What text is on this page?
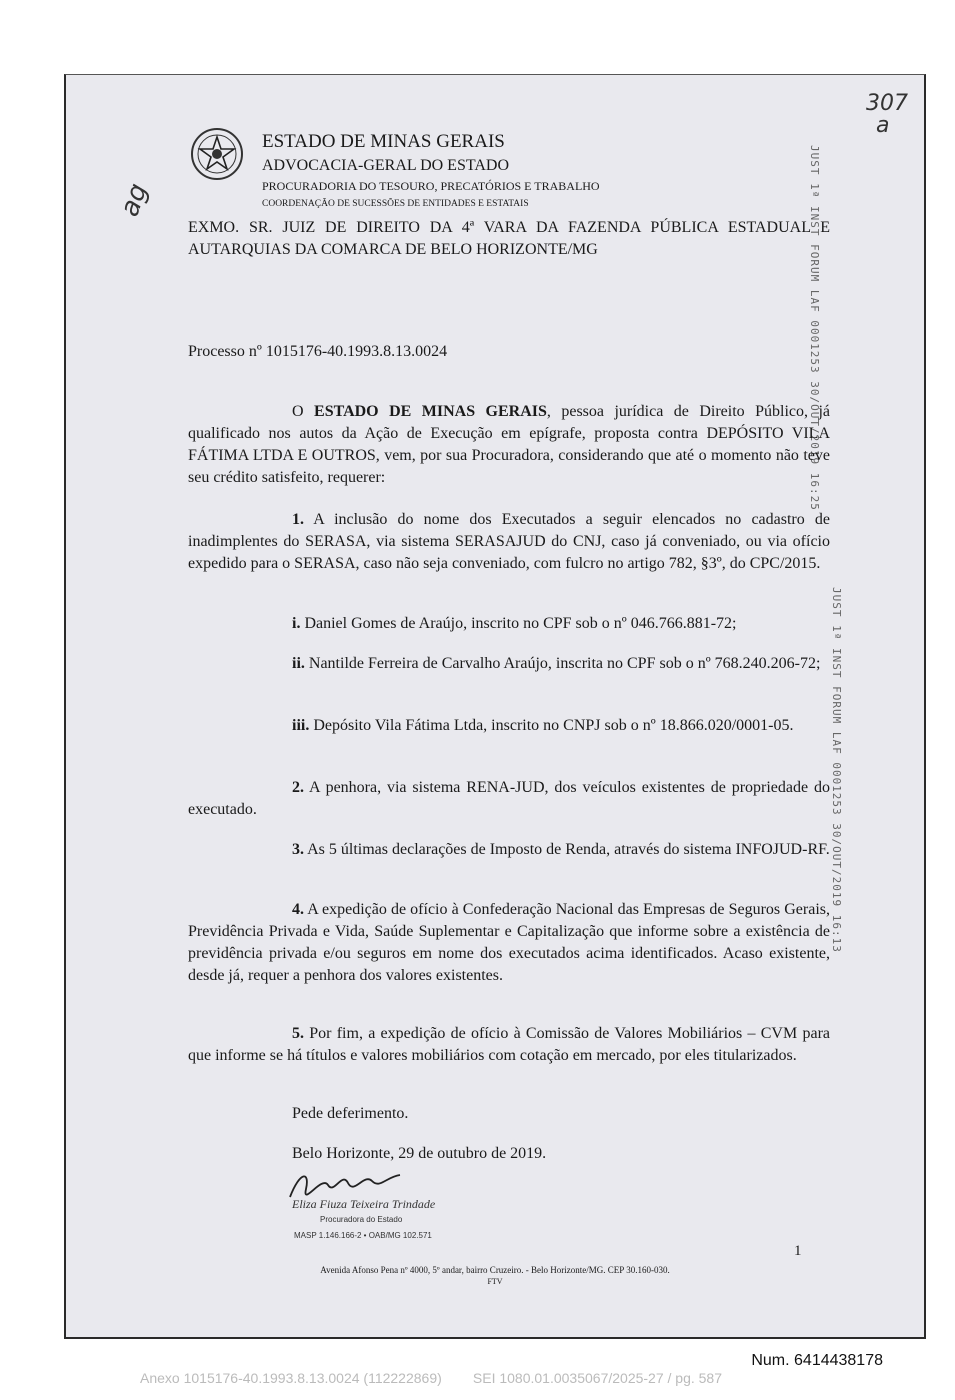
ESTADO DE MINAS GERAIS
ADVOCACIA-GERAL DO ESTADO
PROCURADORIA DO TESOURO, PRECATÓRIOS E TRABALHO
COORDENAÇÃO DE SUCESSÕES DE ENTIDADES E ESTATAIS
307
a
ag	JUST 1ª INST FORUM LAF 0001253 30/OUT/2019 16:25
JUST 1ª INST FORUM LAF 0001253 30/OUT/2019 16:13

EXMO. SR. JUIZ DE DIREITO DA 4ª VARA DA FAZENDA PÚBLICA ESTADUAL E AUTARQUIAS DA COMARCA DE BELO HORIZONTE/MG

Processo nº 1015176-40.1993.8.13.0024

O ESTADO DE MINAS GERAIS, pessoa jurídica de Direito Público, já qualificado nos autos da Ação de Execução em epígrafe, proposta contra DEPÓSITO VILA FÁTIMA LTDA E OUTROS, vem, por sua Procuradora, considerando que até o momento não teve seu crédito satisfeito, requerer:

1. A inclusão do nome dos Executados a seguir elencados no cadastro de inadimplentes do SERASA, via sistema SERASAJUD do CNJ, caso já conveniado, ou via ofício expedido para o SERASA, caso não seja conveniado, com fulcro no artigo 782, §3º, do CPC/2015.

i. Daniel Gomes de Araújo, inscrito no CPF sob o nº 046.766.881-72;

ii. Nantilde Ferreira de Carvalho Araújo, inscrita no CPF sob o nº 768.240.206-72;

iii. Depósito Vila Fátima Ltda, inscrito no CNPJ sob o nº 18.866.020/0001-05.

2. A penhora, via sistema RENA-JUD, dos veículos existentes de propriedade do executado.

3. As 5 últimas declarações de Imposto de Renda, através do sistema INFOJUD-RF.

4. A expedição de ofício à Confederação Nacional das Empresas de Seguros Gerais, Previdência Privada e Vida, Saúde Suplementar e Capitalização que informe sobre a existência de previdência privada e/ou seguros em nome dos executados acima identificados. Acaso existente, desde já, requer a penhora dos valores existentes.

5. Por fim, a expedição de ofício à Comissão de Valores Mobiliários – CVM para que informe se há títulos e valores mobiliários com cotação em mercado, por eles titularizados.

Pede deferimento.
Belo Horizonte, 29 de outubro de 2019.
Eliza Fiuza Teixeira Trindade
Procuradora do Estado
MASP 1.146.166-2 • OAB/MG 102.571
1
Avenida Afonso Pena nº 4000, 5º andar, bairro Cruzeiro. - Belo Horizonte/MG. CEP 30.160-030.
FTV
Num. 6414438178
Anexo 1015176-40.1993.8.13.0024 (112222869)        SEI 1080.01.0035067/2025-27 / pg. 587
